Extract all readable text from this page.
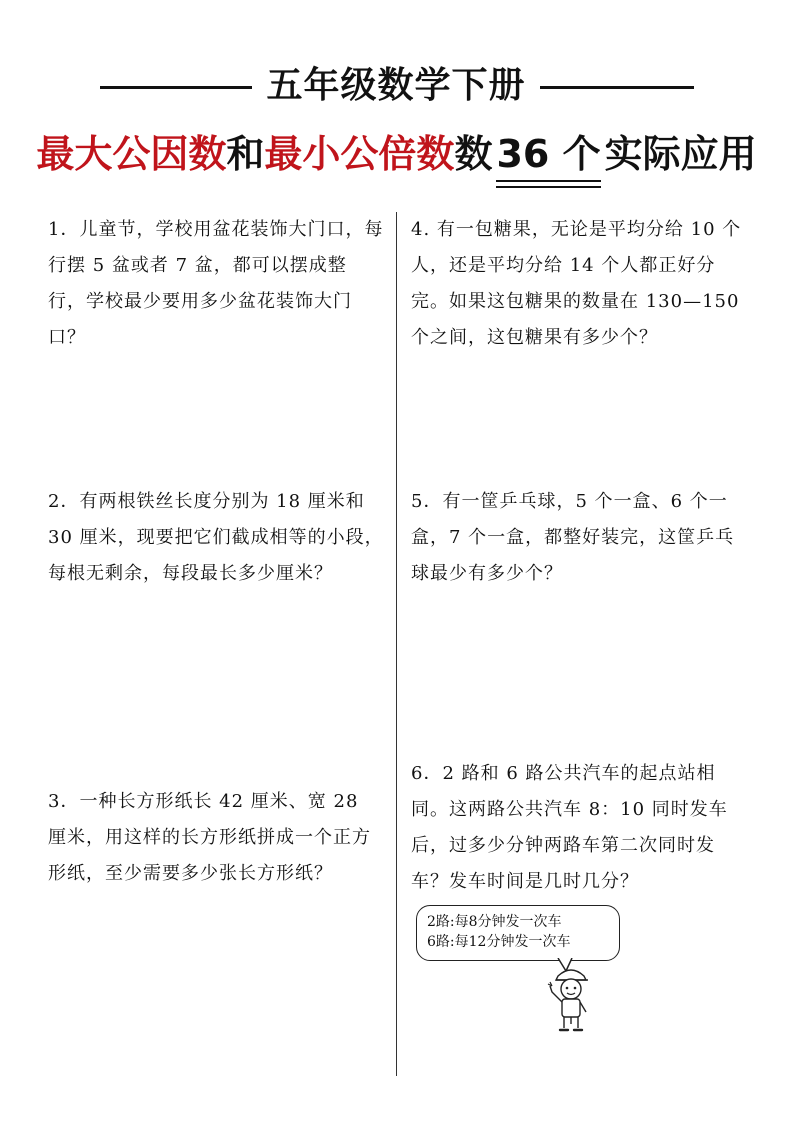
五年级数学下册
最大公因数和最小公倍数数 36 个 实际应用
1．儿童节，学校用盆花装饰大门口，每行摆 5 盆或者 7 盆，都可以摆成整行，学校最少要用多少盆花装饰大门口？
2．有两根铁丝长度分别为 18 厘米和 30 厘米，现要把它们截成相等的小段，每根无剩余，每段最长多少厘米？
3．一种长方形纸长 42 厘米、宽 28 厘米，用这样的长方形纸拼成一个正方形纸，至少需要多少张长方形纸？
4. 有一包糖果，无论是平均分给 10 个人，还是平均分给 14 个人都正好分完。如果这包糖果的数量在 130—150 个之间，这包糖果有多少个？
5．有一筐乒乓球，5 个一盒、6 个一盒，7 个一盒，都整好装完，这筐乒乓球最少有多少个？
6．2 路和 6 路公共汽车的起点站相同。这两路公共汽车 8：10 同时发车后，过多少分钟两路车第二次同时发车？发车时间是几时几分？
2路:每8分钟发一次车
6路:每12分钟发一次车
